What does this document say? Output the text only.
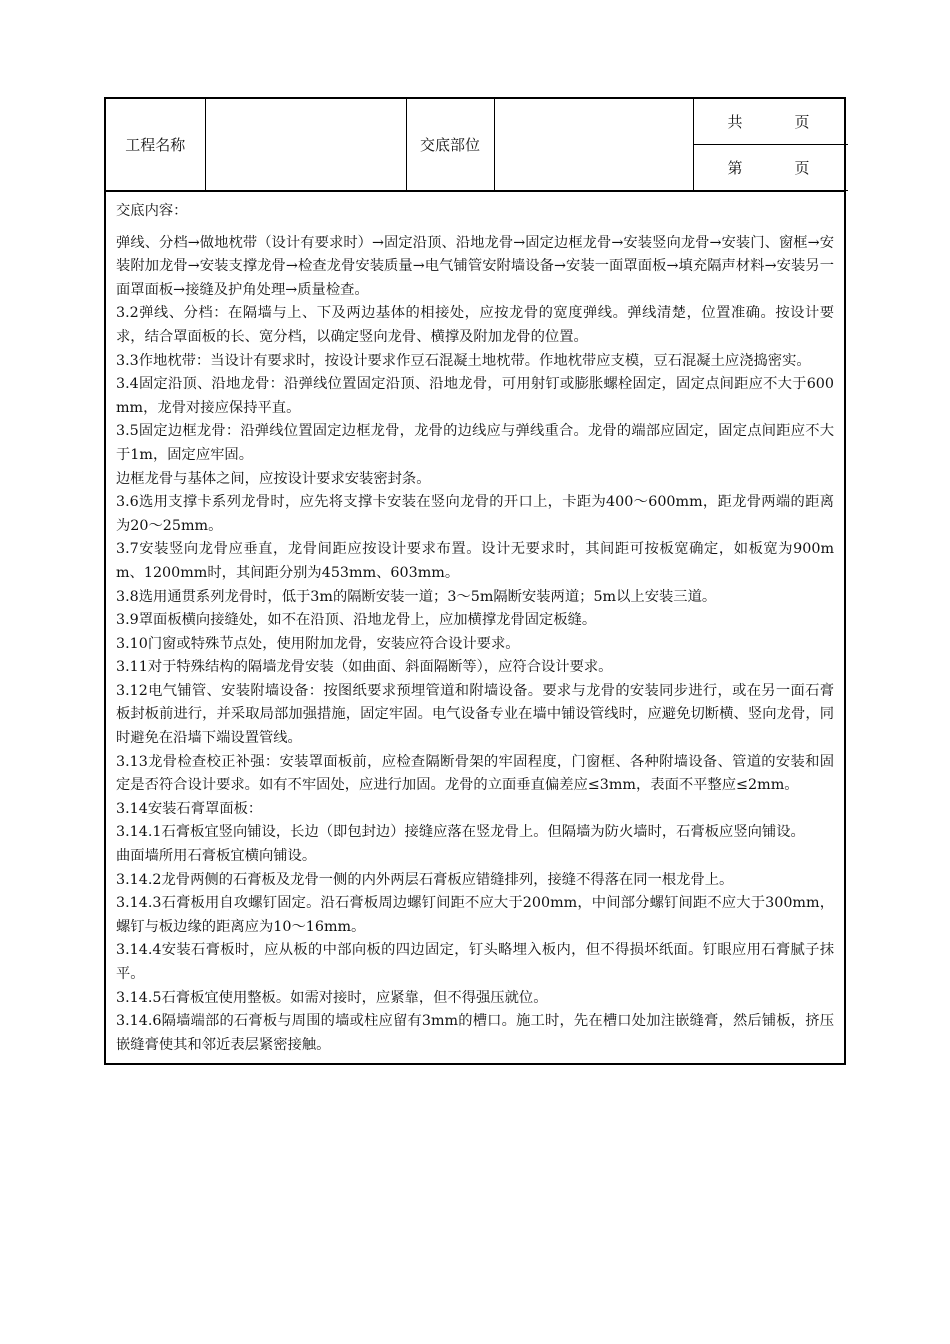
工程名称		交底部位		共	页
第	页

交底内容：

弹线、分档→做地枕带（设计有要求时）→固定沿顶、沿地龙骨→固定边框龙骨→安装竖向龙骨→安装门、窗框→安装附加龙骨→安装支撑龙骨→检查龙骨安装质量→电气铺管安附墙设备→安装一面罩面板→填充隔声材料→安装另一面罩面板→接缝及护角处理→质量检查。

3.2弹线、分档：在隔墙与上、下及两边基体的相接处，应按龙骨的宽度弹线。弹线清楚，位置准确。按设计要求，结合罩面板的长、宽分档，以确定竖向龙骨、横撑及附加龙骨的位置。

3.3作地枕带：当设计有要求时，按设计要求作豆石混凝土地枕带。作地枕带应支模，豆石混凝土应浇捣密实。

3.4固定沿顶、沿地龙骨：沿弹线位置固定沿顶、沿地龙骨，可用射钉或膨胀螺栓固定，固定点间距应不大于600mm，龙骨对接应保持平直。

3.5固定边框龙骨：沿弹线位置固定边框龙骨，龙骨的边线应与弹线重合。龙骨的端部应固定，固定点间距应不大于1m，固定应牢固。

边框龙骨与基体之间，应按设计要求安装密封条。

3.6选用支撑卡系列龙骨时，应先将支撑卡安装在竖向龙骨的开口上，卡距为400～600mm，距龙骨两端的距离为20～25mm。

3.7安装竖向龙骨应垂直，龙骨间距应按设计要求布置。设计无要求时，其间距可按板宽确定，如板宽为900mm、1200mm时，其间距分别为453mm、603mm。

3.8选用通贯系列龙骨时，低于3m的隔断安装一道；3～5m隔断安装两道；5m以上安装三道。

3.9罩面板横向接缝处，如不在沿顶、沿地龙骨上，应加横撑龙骨固定板缝。

3.10门窗或特殊节点处，使用附加龙骨，安装应符合设计要求。

3.11对于特殊结构的隔墙龙骨安装（如曲面、斜面隔断等），应符合设计要求。

3.12电气铺管、安装附墙设备：按图纸要求预埋管道和附墙设备。要求与龙骨的安装同步进行，或在另一面石膏板封板前进行，并采取局部加强措施，固定牢固。电气设备专业在墙中铺设管线时，应避免切断横、竖向龙骨，同时避免在沿墙下端设置管线。

3.13龙骨检查校正补强：安装罩面板前，应检查隔断骨架的牢固程度，门窗框、各种附墙设备、管道的安装和固定是否符合设计要求。如有不牢固处，应进行加固。龙骨的立面垂直偏差应≤3mm，表面不平整应≤2mm。

3.14安装石膏罩面板：

3.14.1石膏板宜竖向铺设，长边（即包封边）接缝应落在竖龙骨上。但隔墙为防火墙时，石膏板应竖向铺设。

曲面墙所用石膏板宜横向铺设。

3.14.2龙骨两侧的石膏板及龙骨一侧的内外两层石膏板应错缝排列，接缝不得落在同一根龙骨上。

3.14.3石膏板用自攻螺钉固定。沿石膏板周边螺钉间距不应大于200mm，中间部分螺钉间距不应大于300mm，螺钉与板边缘的距离应为10～16mm。

3.14.4安装石膏板时，应从板的中部向板的四边固定，钉头略埋入板内，但不得损坏纸面。钉眼应用石膏腻子抹平。

3.14.5石膏板宜使用整板。如需对接时，应紧靠，但不得强压就位。

3.14.6隔墙端部的石膏板与周围的墙或柱应留有3mm的槽口。施工时，先在槽口处加注嵌缝膏，然后铺板，挤压嵌缝膏使其和邻近表层紧密接触。
